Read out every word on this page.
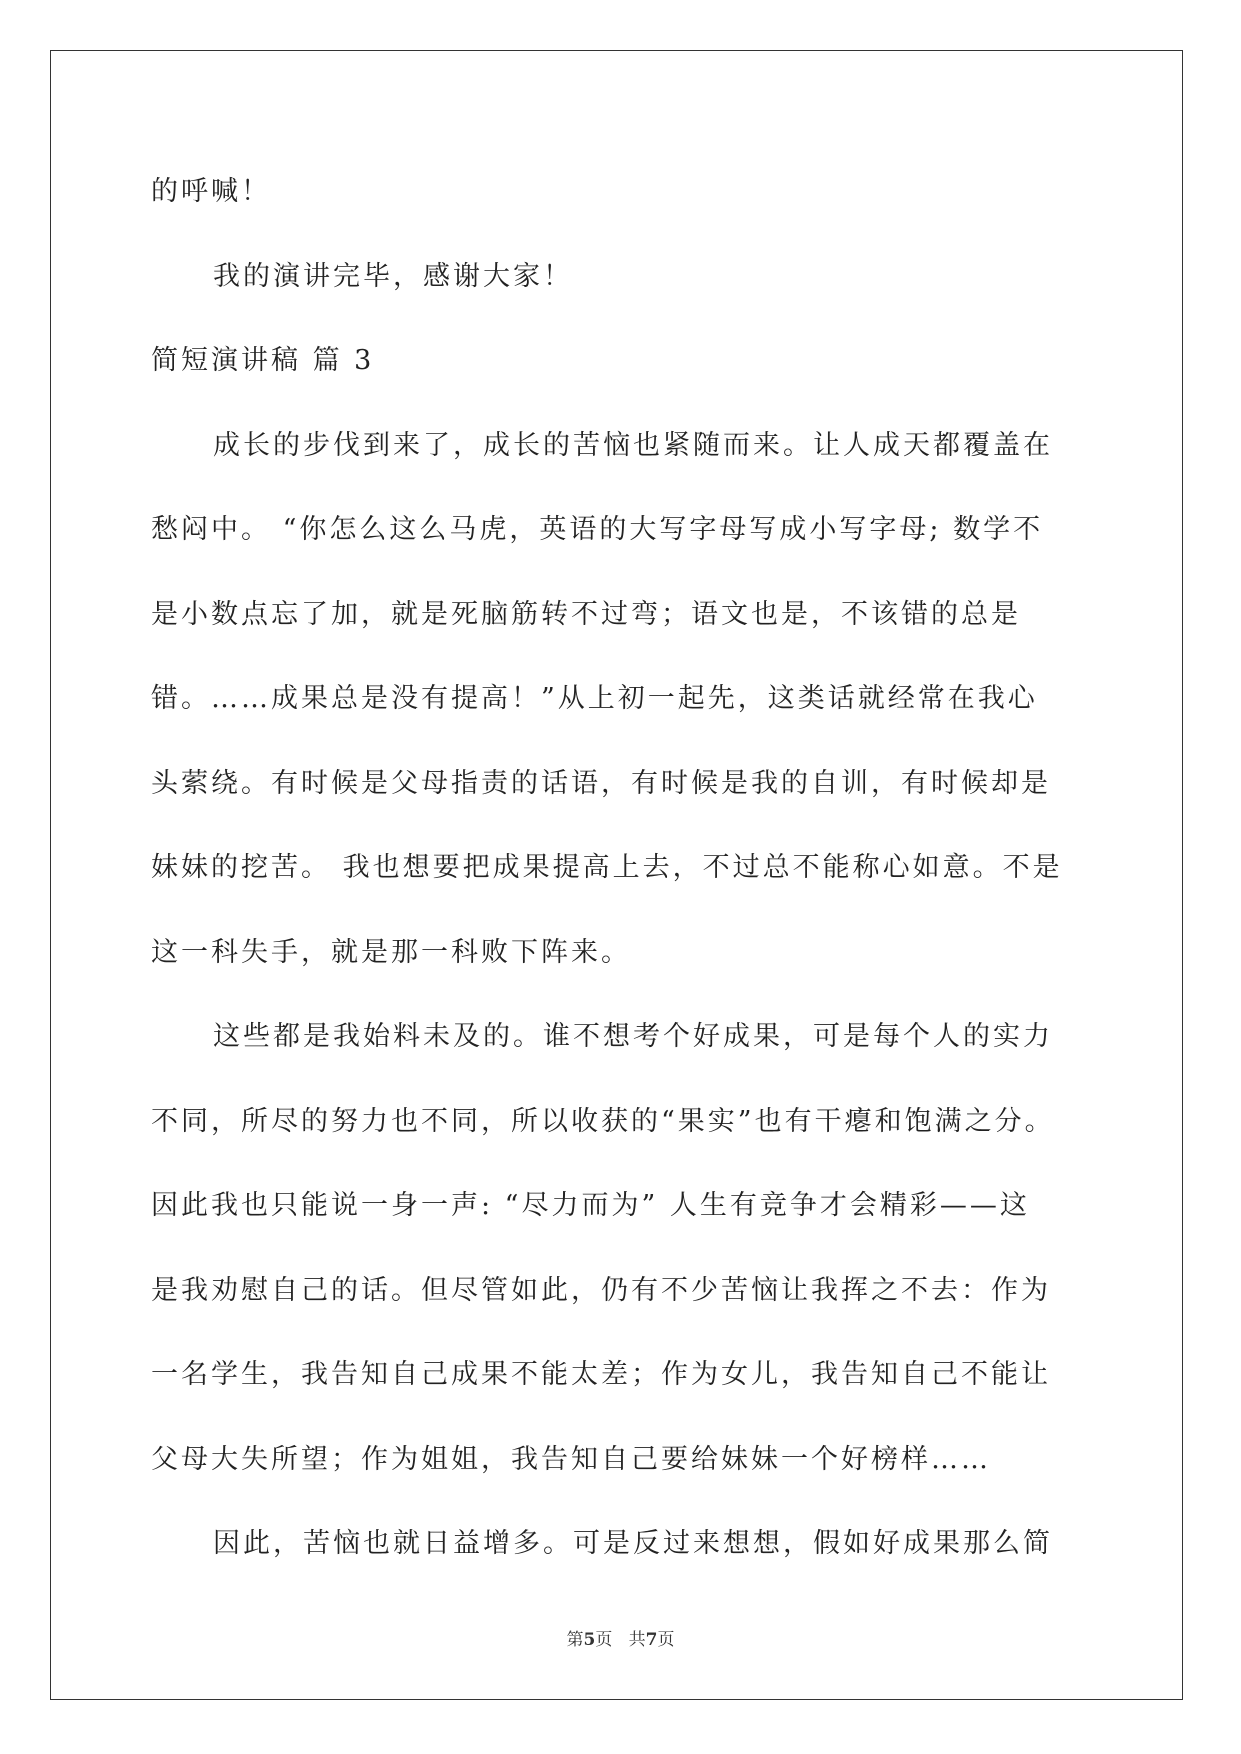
的呼喊！
我的演讲完毕，感谢大家！
简短演讲稿 篇 3
成长的步伐到来了，成长的苦恼也紧随而来。让人成天都覆盖在
愁闷中。 “你怎么这么马虎，英语的大写字母写成小写字母; 数学不
是小数点忘了加，就是死脑筋转不过弯；语文也是，不该错的总是
错。……成果总是没有提高！”从上初一起先，这类话就经常在我心
头萦绕。有时候是父母指责的话语，有时候是我的自训，有时候却是
妹妹的挖苦。 我也想要把成果提高上去，不过总不能称心如意。不是
这一科失手，就是那一科败下阵来。
这些都是我始料未及的。谁不想考个好成果，可是每个人的实力
不同，所尽的努力也不同，所以收获的“果实”也有干瘪和饱满之分。
因此我也只能说一身一声: “尽力而为” 人生有竞争才会精彩——这
是我劝慰自己的话。但尽管如此，仍有不少苦恼让我挥之不去：作为
一名学生，我告知自己成果不能太差；作为女儿，我告知自己不能让
父母大失所望；作为姐姐，我告知自己要给妹妹一个好榜样……
因此，苦恼也就日益增多。可是反过来想想，假如好成果那么简
第5页 共7页
